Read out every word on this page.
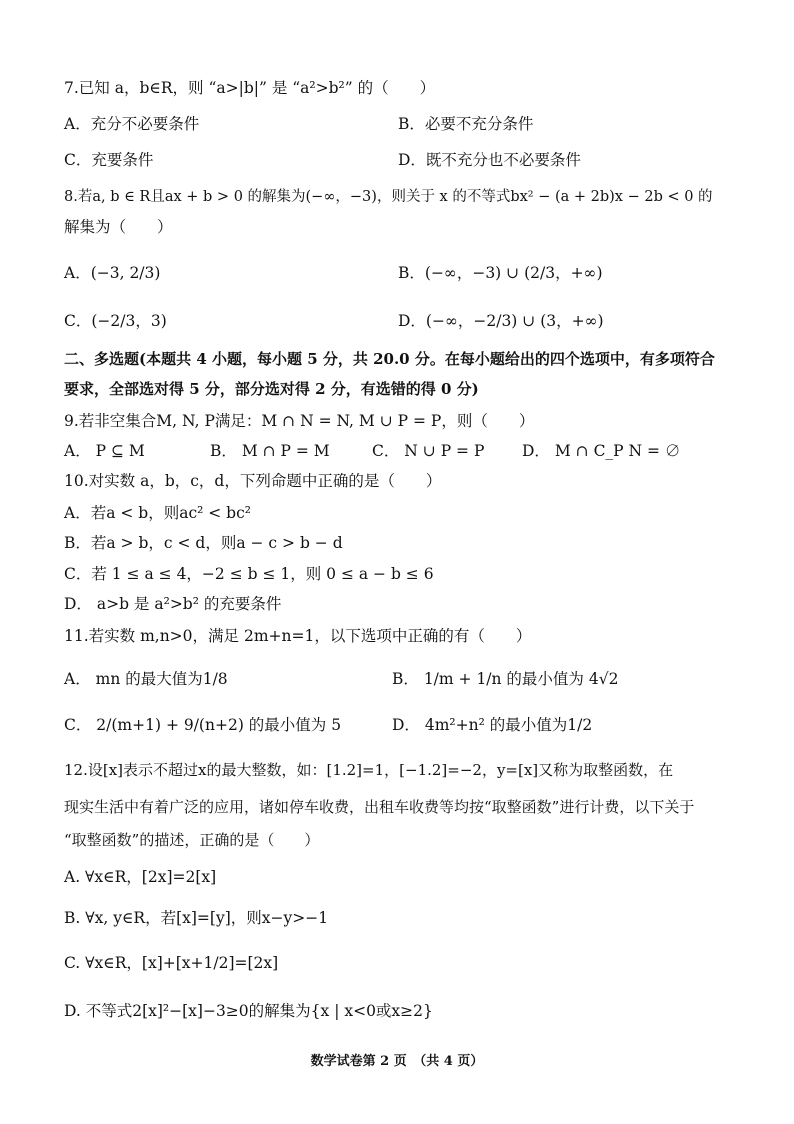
7.已知 a，b∈R，则 “a>|b|” 是 “a²>b²” 的（　　）
A．充分不必要条件	B．必要不充分条件
C．充要条件	D．既不充分也不必要条件
8.若a, b ∈ R且ax + b > 0 的解集为(−∞，−3)，则关于 x 的不等式bx² − (a + 2b)x − 2b < 0 的
解集为（　　）
A．(−3, 2/3)	B．(−∞，−3) ∪ (2/3，+∞)
C．(−2/3，3)	D．(−∞，−2/3) ∪ (3，+∞)
二、多选题(本题共 4 小题，每小题 5 分，共 20.0 分。在每小题给出的四个选项中，有多项符合
要求，全部选对得 5 分，部分选对得 2 分，有选错的得 0 分)
9.若非空集合M, N, P满足：M ∩ N = N, M ∪ P = P，则（　　）
A． P ⊆ M	B． M ∩ P = M	C． N ∪ P = P D． M ∩ C_P N = ∅
10.对实数 a，b，c，d，下列命题中正确的是（　　）
A．若a < b，则ac² < bc²
B．若a > b，c < d，则a − c > b − d
C．若 1 ≤ a ≤ 4，−2 ≤ b ≤ 1，则 0 ≤ a − b ≤ 6
D． a>b 是 a²>b² 的充要条件
11.若实数 m,n>0，满足 2m+n=1，以下选项中正确的有（　　）
A． mn 的最大值为1/8	B． 1/m + 1/n 的最小值为 4√2
C． 2/(m+1) + 9/(n+2) 的最小值为 5	D． 4m²+n² 的最小值为1/2
12.设[x]表示不超过x的最大整数，如：[1.2]=1，[−1.2]=−2，y=[x]又称为取整函数，在
现实生活中有着广泛的应用，诸如停车收费，出租车收费等均按“取整函数”进行计费，以下关于
“取整函数”的描述，正确的是（　　）
A. ∀x∈R，[2x]=2[x]
B. ∀x, y∈R，若[x]=[y]，则x−y>−1
C. ∀x∈R，[x]+[x+1/2]=[2x]
D. 不等式2[x]²−[x]−3≥0的解集为{x | x<0或x≥2}
数学试卷第 2 页　（共 4 页）
